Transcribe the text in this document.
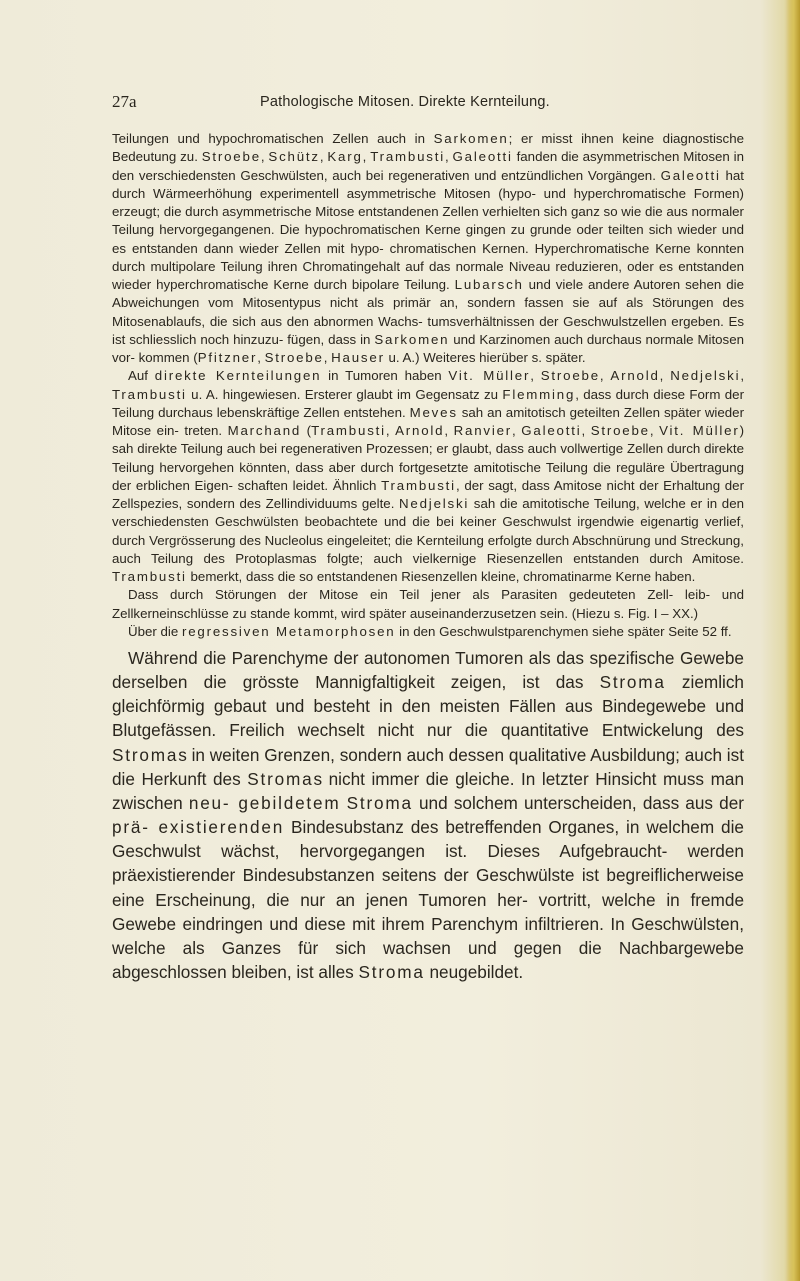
27a	Pathologische Mitosen. Direkte Kernteilung.

Teilungen und hypochromatischen Zellen auch in Sarkomen; er misst ihnen keine diagnostische Bedeutung zu. Stroebe, Schütz, Karg, Trambusti, Galeotti fanden die asymmetrischen Mitosen in den verschiedensten Geschwülsten, auch bei regenerativen und entzündlichen Vorgängen. Galeotti hat durch Wärmeerhöhung experimentell asymmetrische Mitosen (hypo- und hyperchromatische Formen) erzeugt; die durch asymmetrische Mitose entstandenen Zellen verhielten sich ganz so wie die aus normaler Teilung hervorgegangenen. Die hypochromatischen Kerne gingen zu grunde oder teilten sich wieder und es entstanden dann wieder Zellen mit hypo- chromatischen Kernen. Hyperchromatische Kerne konnten durch multipolare Teilung ihren Chromatingehalt auf das normale Niveau reduzieren, oder es entstanden wieder hyperchromatische Kerne durch bipolare Teilung. Lubarsch und viele andere Autoren sehen die Abweichungen vom Mitosentypus nicht als primär an, sondern fassen sie auf als Störungen des Mitosenablaufs, die sich aus den abnormen Wachs- tumsverhältnissen der Geschwulstzellen ergeben. Es ist schliesslich noch hinzuzu- fügen, dass in Sarkomen und Karzinomen auch durchaus normale Mitosen vor- kommen (Pfitzner, Stroebe, Hauser u. A.) Weiteres hierüber s. später.

Auf direkte Kernteilungen in Tumoren haben Vit. Müller, Stroebe, Arnold, Nedjelski, Trambusti u. A. hingewiesen. Ersterer glaubt im Gegensatz zu Flemming, dass durch diese Form der Teilung durchaus lebenskräftige Zellen entstehen. Meves sah an amitotisch geteilten Zellen später wieder Mitose ein- treten. Marchand (Trambusti, Arnold, Ranvier, Galeotti, Stroebe, Vit. Müller) sah direkte Teilung auch bei regenerativen Prozessen; er glaubt, dass auch vollwertige Zellen durch direkte Teilung hervorgehen könnten, dass aber durch fortgesetzte amitotische Teilung die reguläre Übertragung der erblichen Eigen- schaften leidet. Ähnlich Trambusti, der sagt, dass Amitose nicht der Erhaltung der Zellspezies, sondern des Zellindividuums gelte. Nedjelski sah die amitotische Teilung, welche er in den verschiedensten Geschwülsten beobachtete und die bei keiner Geschwulst irgendwie eigenartig verlief, durch Vergrösserung des Nucleolus eingeleitet; die Kernteilung erfolgte durch Abschnürung und Streckung, auch Teilung des Protoplasmas folgte; auch vielkernige Riesenzellen entstanden durch Amitose. Trambusti bemerkt, dass die so entstandenen Riesenzellen kleine, chromatinarme Kerne haben.

Dass durch Störungen der Mitose ein Teil jener als Parasiten gedeuteten Zell- leib- und Zellkerneinschlüsse zu stande kommt, wird später auseinanderzusetzen sein. (Hiezu s. Fig. I – XX.)

Über die regressiven Metamorphosen in den Geschwulstparenchymen siehe später Seite 52 ff.

Während die Parenchyme der autonomen Tumoren als das spezifische Gewebe derselben die grösste Mannigfaltigkeit zeigen, ist das Stroma ziemlich gleichförmig gebaut und besteht in den meisten Fällen aus Bindegewebe und Blutgefässen. Freilich wechselt nicht nur die quantitative Entwickelung des Stromas in weiten Grenzen, sondern auch dessen qualitative Ausbildung; auch ist die Herkunft des Stromas nicht immer die gleiche. In letzter Hinsicht muss man zwischen neu- gebildetem Stroma und solchem unterscheiden, dass aus der prä- existierenden Bindesubstanz des betreffenden Organes, in welchem die Geschwulst wächst, hervorgegangen ist. Dieses Aufgebraucht- werden präexistierender Bindesubstanzen seitens der Geschwülste ist begreiflicherweise eine Erscheinung, die nur an jenen Tumoren her- vortritt, welche in fremde Gewebe eindringen und diese mit ihrem Parenchym infiltrieren. In Geschwülsten, welche als Ganzes für sich wachsen und gegen die Nachbargewebe abgeschlossen bleiben, ist alles Stroma neugebildet.
